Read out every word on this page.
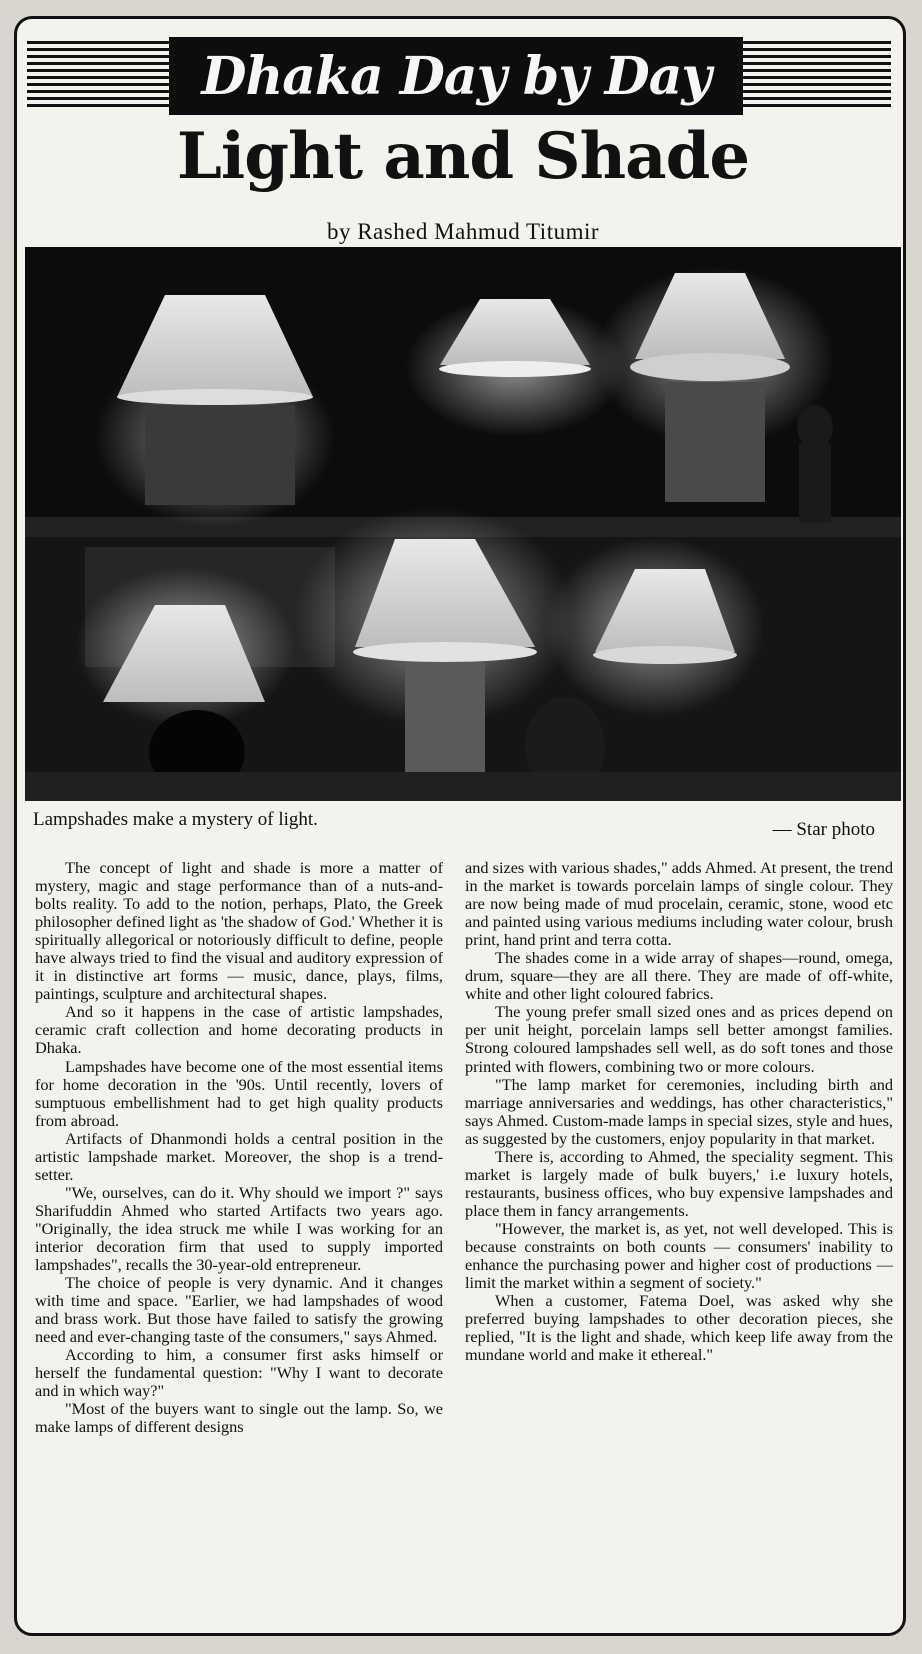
Dhaka Day by Day
Light and Shade
by Rashed Mahmud Titumir
Lampshades make a mystery of light.	— Star photo

The concept of light and shade is more a matter of mystery, magic and stage performance than of a nuts-and-bolts reality. To add to the notion, perhaps, Plato, the Greek philosopher defined light as 'the shadow of God.' Whether it is spiritually allegorical or notoriously difficult to define, people have always tried to find the visual and auditory expression of it in distinctive art forms — music, dance, plays, films, paintings, sculpture and architectural shapes.

And so it happens in the case of artistic lampshades, ceramic craft collection and home decorating products in Dhaka.

Lampshades have become one of the most essential items for home decoration in the '90s. Until recently, lovers of sumptuous embellishment had to get high quality products from abroad.

Artifacts of Dhanmondi holds a central position in the artistic lampshade market. Moreover, the shop is a trend-setter.

"We, ourselves, can do it. Why should we import ?" says Sharifuddin Ahmed who started Artifacts two years ago. "Originally, the idea struck me while I was working for an interior decoration firm that used to supply imported lampshades", recalls the 30-year-old entrepreneur.

The choice of people is very dynamic. And it changes with time and space. "Earlier, we had lampshades of wood and brass work. But those have failed to satisfy the growing need and ever-changing taste of the consumers," says Ahmed.

According to him, a consumer first asks himself or herself the fundamental question: "Why I want to decorate and in which way?"

"Most of the buyers want to single out the lamp. So, we make lamps of different designs

and sizes with various shades," adds Ahmed. At present, the trend in the market is towards porcelain lamps of single colour. They are now being made of mud procelain, ceramic, stone, wood etc and painted using various mediums including water colour, brush print, hand print and terra cotta.

The shades come in a wide array of shapes—round, omega, drum, square—they are all there. They are made of off-white, white and other light coloured fabrics.

The young prefer small sized ones and as prices depend on per unit height, porcelain lamps sell better amongst families. Strong coloured lampshades sell well, as do soft tones and those printed with flowers, combining two or more colours.

"The lamp market for ceremonies, including birth and marriage anniversaries and weddings, has other characteristics," says Ahmed. Custom-made lamps in special sizes, style and hues, as suggested by the customers, enjoy popularity in that market.

There is, according to Ahmed, the speciality segment. This market is largely made of bulk buyers,' i.e luxury hotels, restaurants, business offices, who buy expensive lampshades and place them in fancy arrangements.

"However, the market is, as yet, not well developed. This is because constraints on both counts — consumers' inability to enhance the purchasing power and higher cost of productions — limit the market within a segment of society."

When a customer, Fatema Doel, was asked why she preferred buying lampshades to other decoration pieces, she replied, "It is the light and shade, which keep life away from the mundane world and make it ethereal."
